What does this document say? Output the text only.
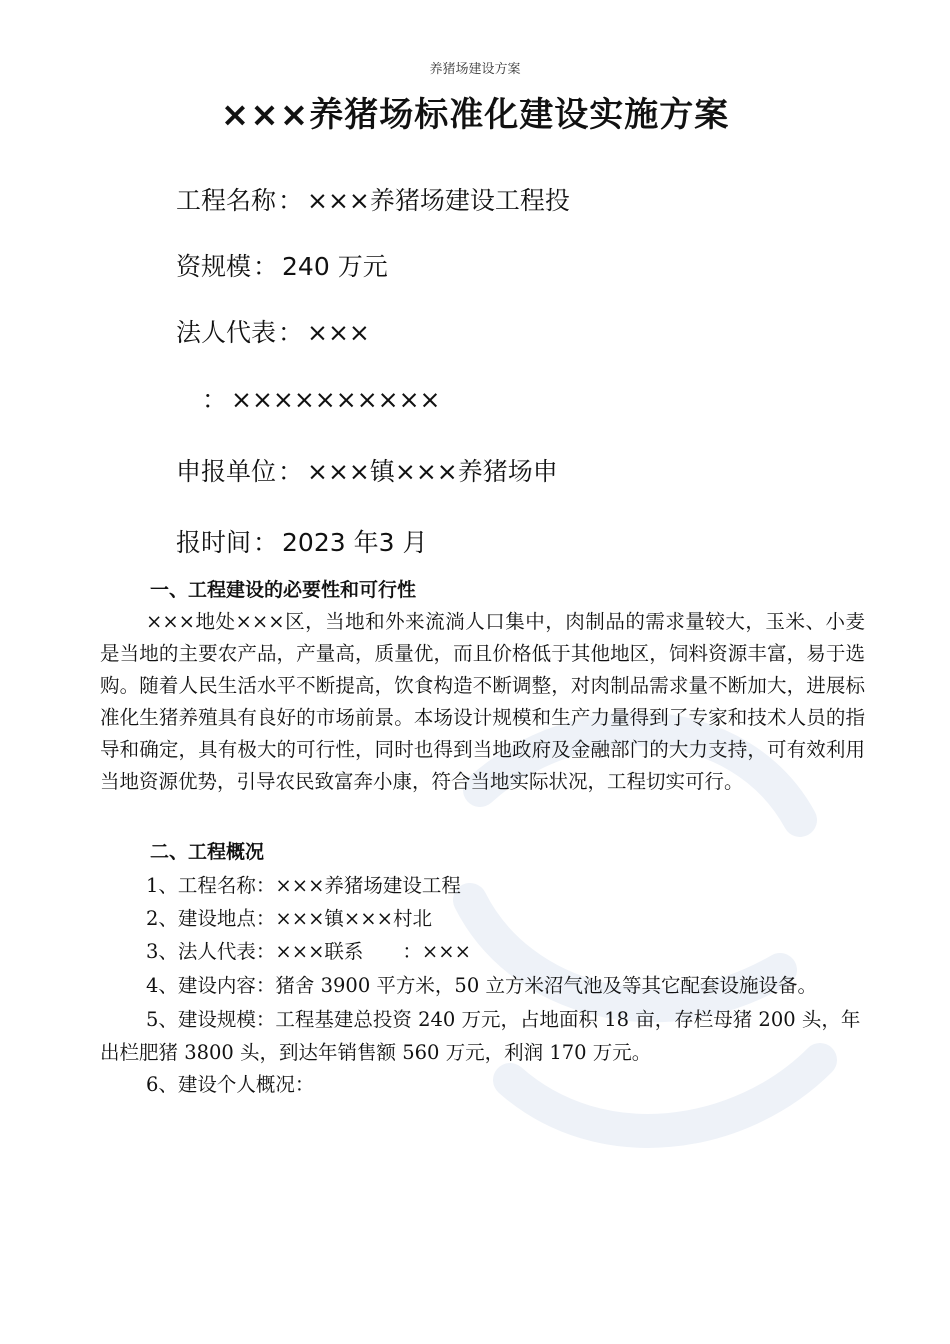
养猪场建设方案
×××养猪场标准化建设实施方案
工程名称： ×××养猪场建设工程投
资规模： 240 万元
法人代表： ×××
： ××××××××××
申报单位： ×××镇×××养猪场申
报时间： 2023 年3 月
一、工程建设的必要性和可行性

×××地处×××区，当地和外来流淌人口集中，肉制品的需求量较大，玉米、小麦是当地的主要农产品，产量高，质量优，而且价格低于其他地区，饲料资源丰富，易于选购。随着人民生活水平不断提高，饮食构造不断调整，对肉制品需求量不断加大，进展标准化生猪养殖具有良好的市场前景。本场设计规模和生产力量得到了专家和技术人员的指导和确定，具有极大的可行性，同时也得到当地政府及金融部门的大力支持，可有效利用当地资源优势，引导农民致富奔小康，符合当地实际状况，工程切实可行。

二、工程概况

1、工程名称：×××养猪场建设工程

2、建设地点：×××镇×××村北

3、法人代表：×××联系　　：×××

4、建设内容：猪舍 3900 平方米，50 立方米沼气池及等其它配套设施设备。

5、建设规模：工程基建总投资 240 万元，占地面积 18 亩，存栏母猪 200 头，年出栏肥猪 3800 头，到达年销售额 560 万元，利润 170 万元。

6、建设个人概况：
